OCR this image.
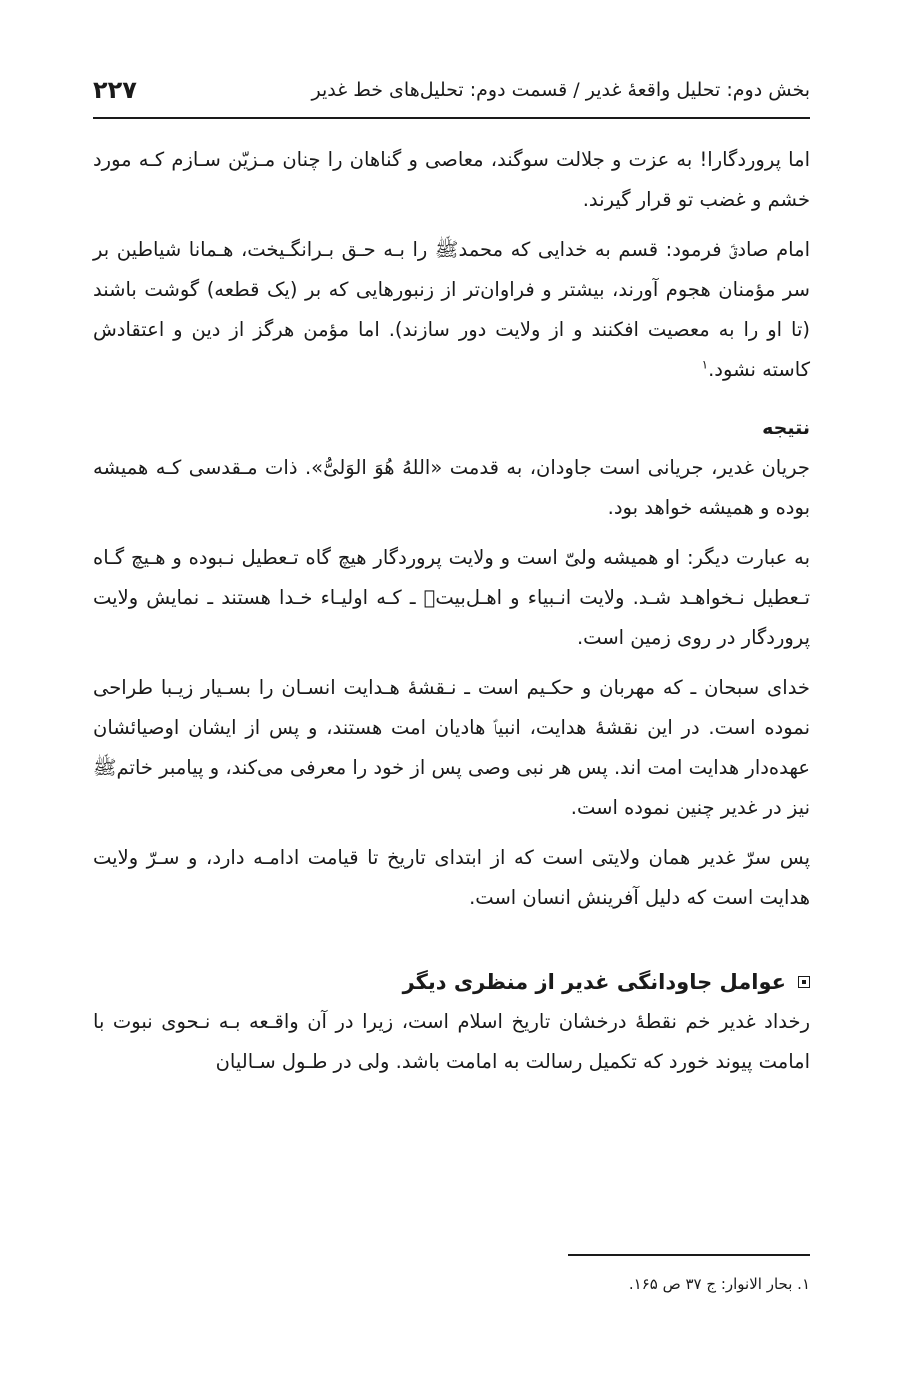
بخش دوم: تحلیل واقعهٔ غدیر / قسمت دوم: تحلیل‌های خط غدیر
۲۲۷

اما پروردگارا! به عزت و جلالت سوگند، معاصی و گناهان را چنان مـزیّن سـازم کـه مورد خشم و غضب تو قرار گیرند.

امام صادقؑ فرمود: قسم به خدایی که محمدﷺ را بـه حـق بـرانگـیخت، هـمانا شیاطین بر سر مؤمنان هجوم آورند، بیشتر و فراوان‌تر از زنبورهایی که بر (یک قطعه) گوشت باشند (تا او را به معصیت افکنند و از ولایت دور سازند). اما مؤمن هرگز از دین و اعتقادش کاسته نشود.$^۱$

نتیجه

جریان غدیر، جریانی است جاودان، به قدمت «اللهُ هُوَ الوَلیُّ». ذات مـقدسی کـه همیشه بوده و همیشه خواهد بود.

به عبارت دیگر: او همیشه ولیّ است و ولایت پروردگار هیچ گاه تـعطیل نـبوده و هـیچ گـاه تـعطیل نـخواهـد شـد. ولایت انـبیاء و اهـل‌بیتؑ ـ کـه اولیـاء خـدا هستند ـ نمایش ولایت پروردگار در روی زمین است.

خدای سبحان ـ که مهربان و حکـیم است ـ نـقشهٔ هـدایت انسـان را بسـیار زیـبا طراحی نموده است. در این نقشهٔ هدایت، انبیاؑ هادیان امت هستند، و پس از ایشان اوصیائشان عهده‌دار هدایت امت اند. پس هر نبی وصی پس از خود را معرفی می‌کند، و پیامبر خاتمﷺ نیز در غدیر چنین نموده است.

پس سرّ غدیر همان ولایتی است که از ابتدای تاریخ تا قیامت ادامـه دارد، و سـرّ ولایت هدایت است که دلیل آفرینش انسان است.

عوامل جاودانگی غدیر از منظری دیگر

رخداد غدیر خم نقطهٔ درخشان تاریخ اسلام است، زیرا در آن واقـعه بـه نـحوی نبوت با امامت پیوند خورد که تکمیل رسالت به امامت باشد. ولی در طـول سـالیان

۱. بحار الانوار: ج ۳۷ ص ۱۶۵.
